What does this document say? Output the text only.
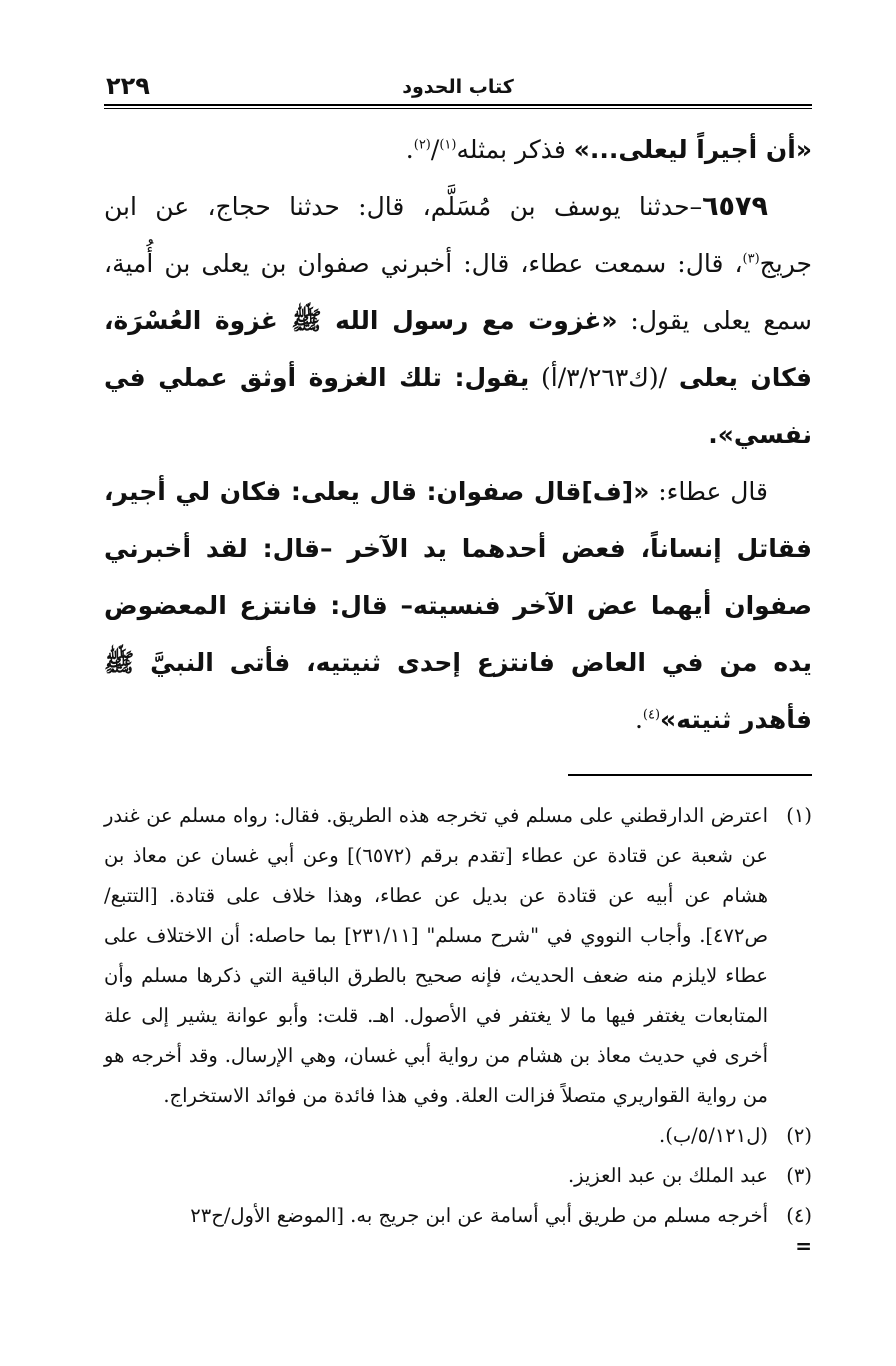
٢٢٩	كتاب الحدود

«أن أجيراً ليعلى...» فذكر بمثله$^{(١)}$/$^{(٢)}$.

٦٥٧٩–حدثنا يوسف بن مُسَلَّم، قال: حدثنا حجاج، عن ابن جريج$^{(٣)}$، قال: سمعت عطاء، قال: أخبرني صفوان بن يعلى بن أُمية، سمع يعلى يقول: «غزوت مع رسول الله ﷺ غزوة العُسْرَة، فكان يعلى /(ك٣/٢٦٣/أ) يقول: تلك الغزوة أوثق عملي في نفسي».

قال عطاء: «[ف]قال صفوان: قال يعلى: فكان لي أجير، فقاتل إنساناً، فعض أحدهما يد الآخر –قال: لقد أخبرني صفوان أيهما عض الآخر فنسيته– قال: فانتزع المعضوض يده من في العاض فانتزع إحدى ثنيتيه، فأتى النبيَّ ﷺ فأهدر ثنيته»$^{(٤)}$.

(١)
اعترض الدارقطني على مسلم في تخرجه هذه الطريق. فقال: رواه مسلم عن غندر عن شعبة عن قتادة عن عطاء [تقدم برقم (٦٥٧٢)] وعن أبي غسان عن معاذ بن هشام عن أبيه عن قتادة عن بديل عن عطاء، وهذا خلاف على قتادة. [التتبع/ ص٤٧٢]. وأجاب النووي في "شرح مسلم" [٢٣١/١١] بما حاصله: أن الاختلاف على عطاء لايلزم منه ضعف الحديث، فإنه صحيح بالطرق الباقية التي ذكرها مسلم وأن المتابعات يغتفر فيها ما لا يغتفر في الأصول. اهـ. قلت: وأبو عوانة يشير إلى علة أخرى في حديث معاذ بن هشام من رواية أبي غسان، وهي الإرسال. وقد أخرجه هو من رواية القواريري متصلاً فزالت العلة. وفي هذا فائدة من فوائد الاستخراج.

(٢)
(ل٥/١٢١/ب).

(٣)
عبد الملك بن عبد العزيز.

(٤)
أخرجه مسلم من طريق أبي أسامة عن ابن جريج به. [الموضع الأول/ح٢٣

=
